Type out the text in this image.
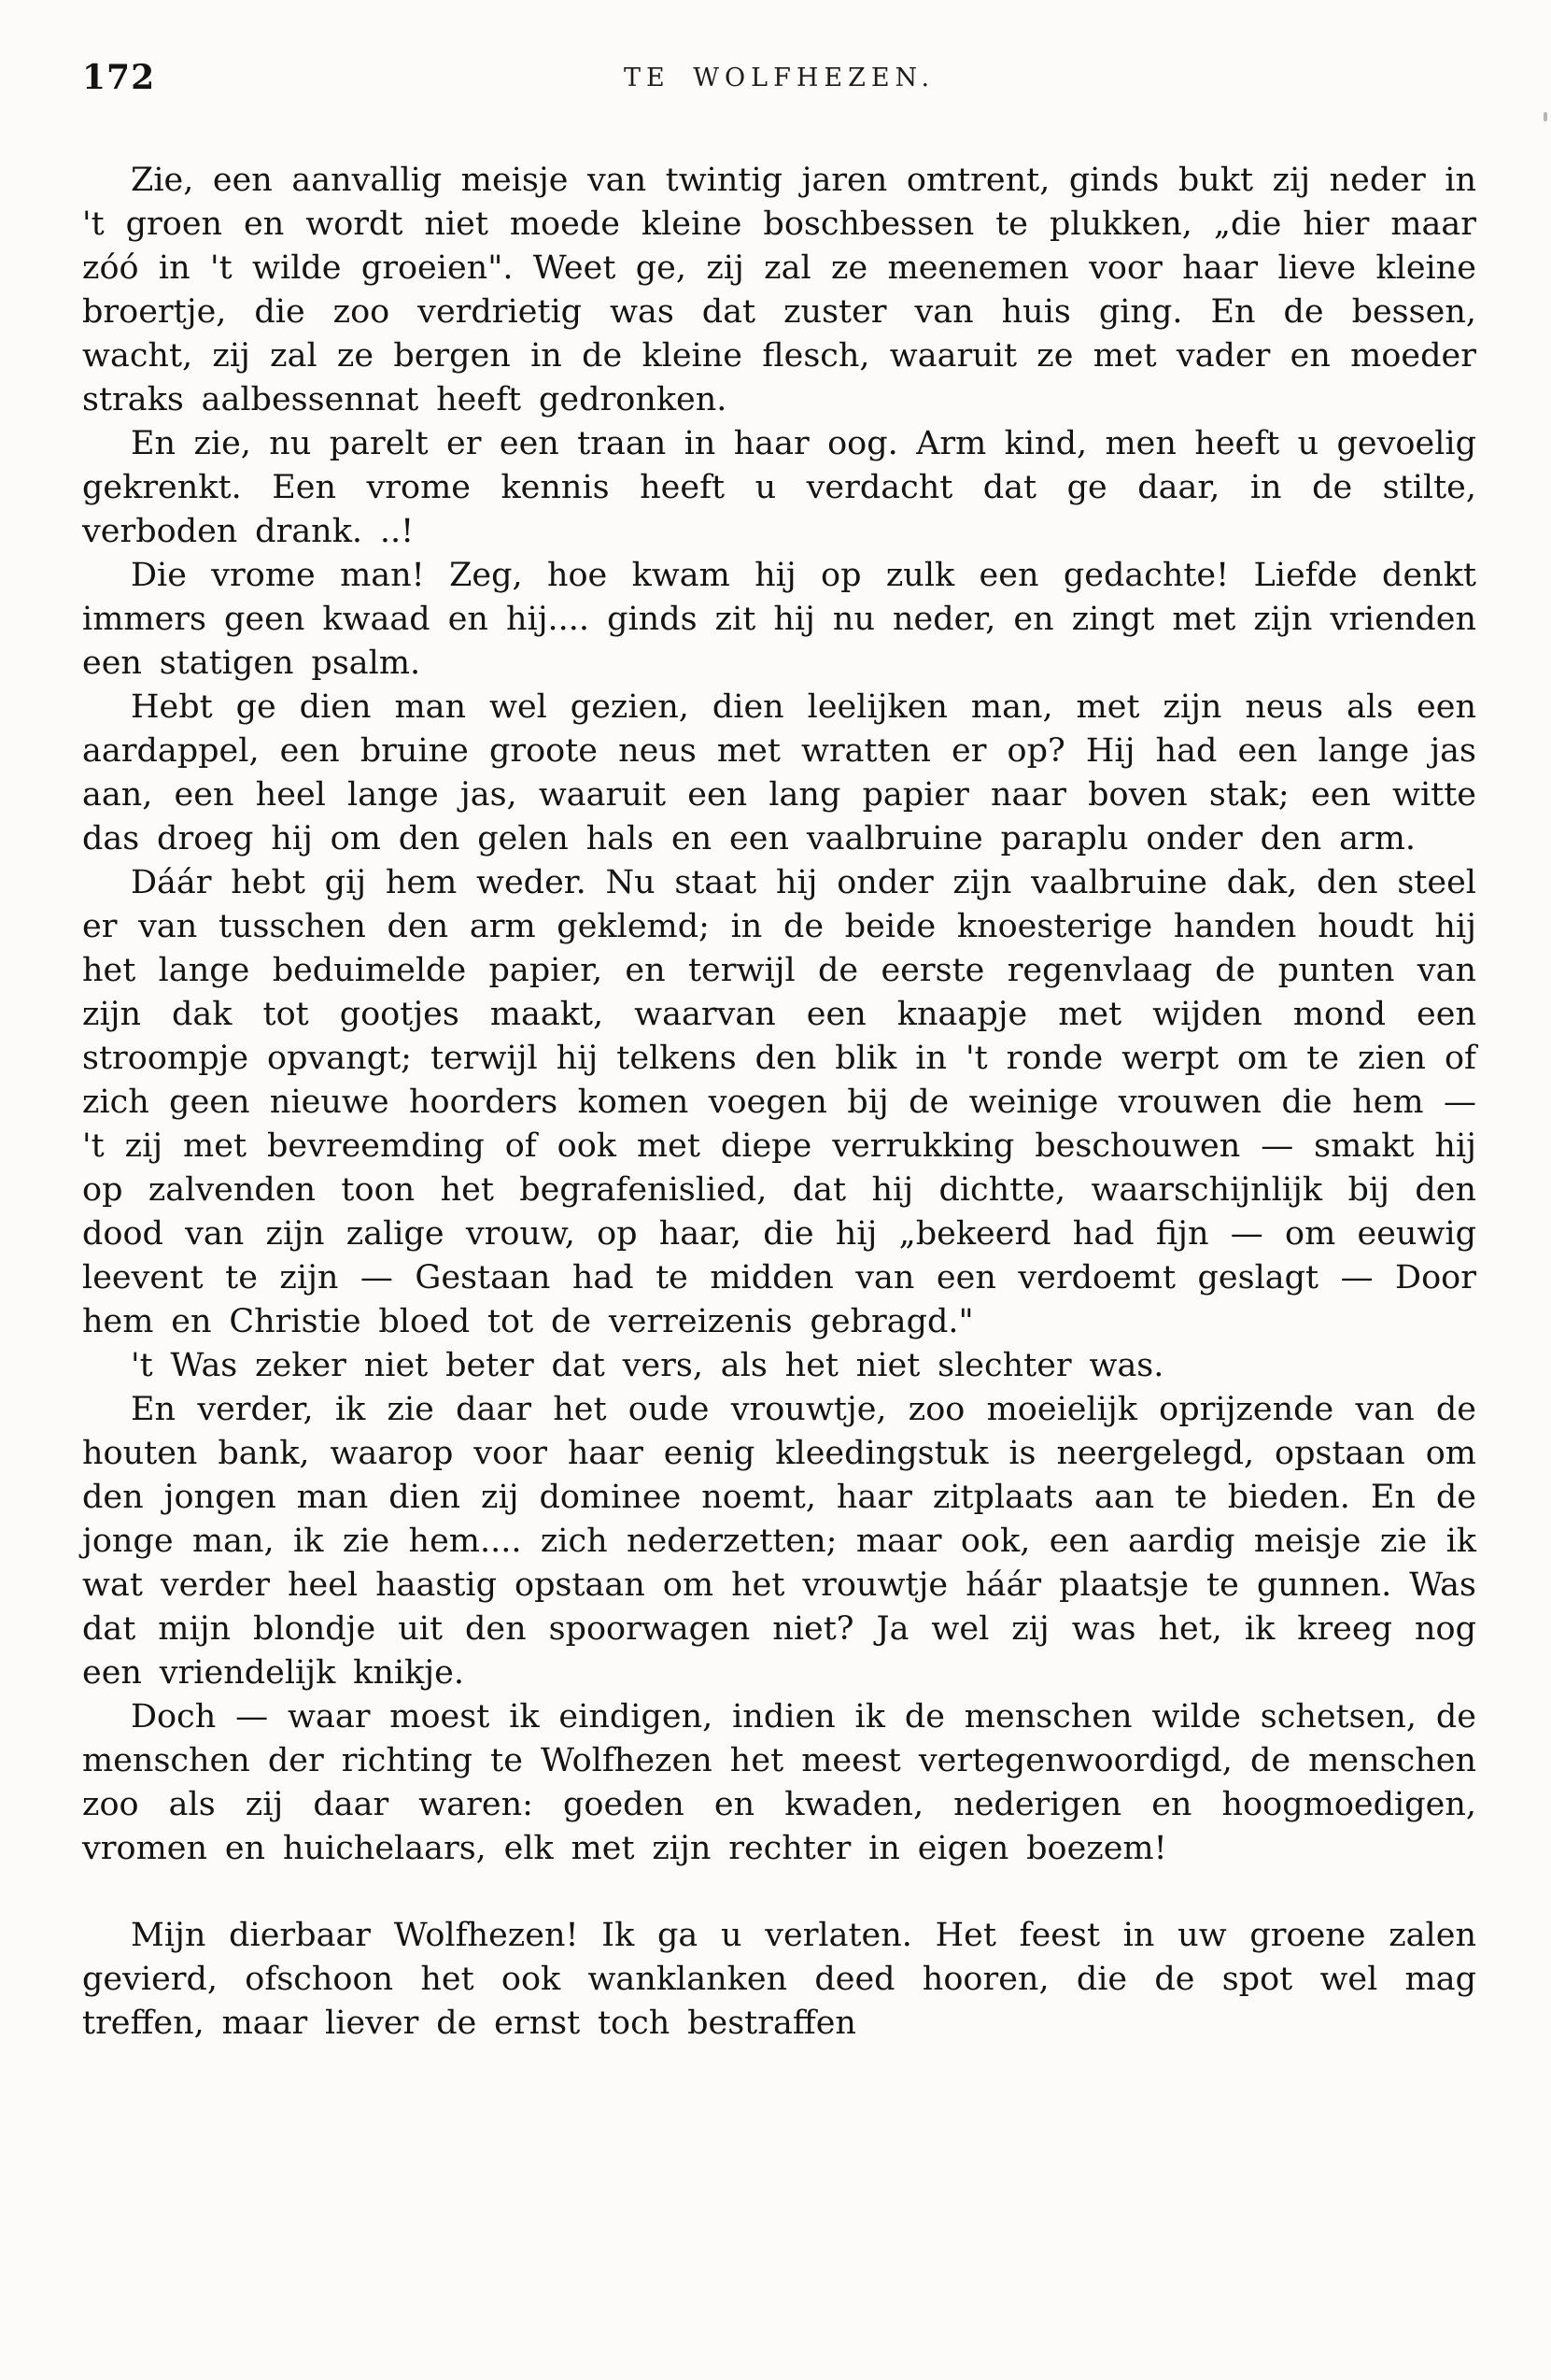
172	TE WOLFHEZEN.

Zie, een aanvallig meisje van twintig jaren omtrent, ginds bukt zij neder in 't groen en wordt niet moede kleine boschbessen te plukken, „die hier maar zóó in 't wilde groeien". Weet ge, zij zal ze meenemen voor haar lieve kleine broertje, die zoo verdrietig was dat zuster van huis ging. En de bessen, wacht, zij zal ze bergen in de kleine flesch, waaruit ze met vader en moeder straks aalbessennat heeft gedronken.

En zie, nu parelt er een traan in haar oog. Arm kind, men heeft u gevoelig gekrenkt. Een vrome kennis heeft u verdacht dat ge daar, in de stilte, verboden drank. ..!

Die vrome man! Zeg, hoe kwam hij op zulk een gedachte! Liefde denkt immers geen kwaad en hij.... ginds zit hij nu neder, en zingt met zijn vrienden een statigen psalm.

Hebt ge dien man wel gezien, dien leelijken man, met zijn neus als een aardappel, een bruine groote neus met wratten er op? Hij had een lange jas aan, een heel lange jas, waaruit een lang papier naar boven stak; een witte das droeg hij om den gelen hals en een vaalbruine paraplu onder den arm.

Dáár hebt gij hem weder. Nu staat hij onder zijn vaalbruine dak, den steel er van tusschen den arm geklemd; in de beide knoesterige handen houdt hij het lange beduimelde papier, en terwijl de eerste regenvlaag de punten van zijn dak tot gootjes maakt, waarvan een knaapje met wijden mond een stroompje opvangt; terwijl hij telkens den blik in 't ronde werpt om te zien of zich geen nieuwe hoorders komen voegen bij de weinige vrouwen die hem — 't zij met bevreemding of ook met diepe verrukking beschouwen — smakt hij op zalvenden toon het begrafenislied, dat hij dichtte, waarschijnlijk bij den dood van zijn zalige vrouw, op haar, die hij „bekeerd had fijn — om eeuwig leevent te zijn — Gestaan had te midden van een verdoemt geslagt — Door hem en Christie bloed tot de verreizenis gebragd."

't Was zeker niet beter dat vers, als het niet slechter was.

En verder, ik zie daar het oude vrouwtje, zoo moeielijk oprijzende van de houten bank, waarop voor haar eenig kleedingstuk is neergelegd, opstaan om den jongen man dien zij dominee noemt, haar zitplaats aan te bieden. En de jonge man, ik zie hem.... zich nederzetten; maar ook, een aardig meisje zie ik wat verder heel haastig opstaan om het vrouwtje háár plaatsje te gunnen. Was dat mijn blondje uit den spoorwagen niet? Ja wel zij was het, ik kreeg nog een vriendelijk knikje.

Doch — waar moest ik eindigen, indien ik de menschen wilde schetsen, de menschen der richting te Wolfhezen het meest vertegenwoordigd, de menschen zoo als zij daar waren: goeden en kwaden, nederigen en hoogmoedigen, vromen en huichelaars, elk met zijn rechter in eigen boezem!

Mijn dierbaar Wolfhezen! Ik ga u verlaten. Het feest in uw groene zalen gevierd, ofschoon het ook wanklanken deed hooren, die de spot wel mag treffen, maar liever de ernst toch bestraffen
